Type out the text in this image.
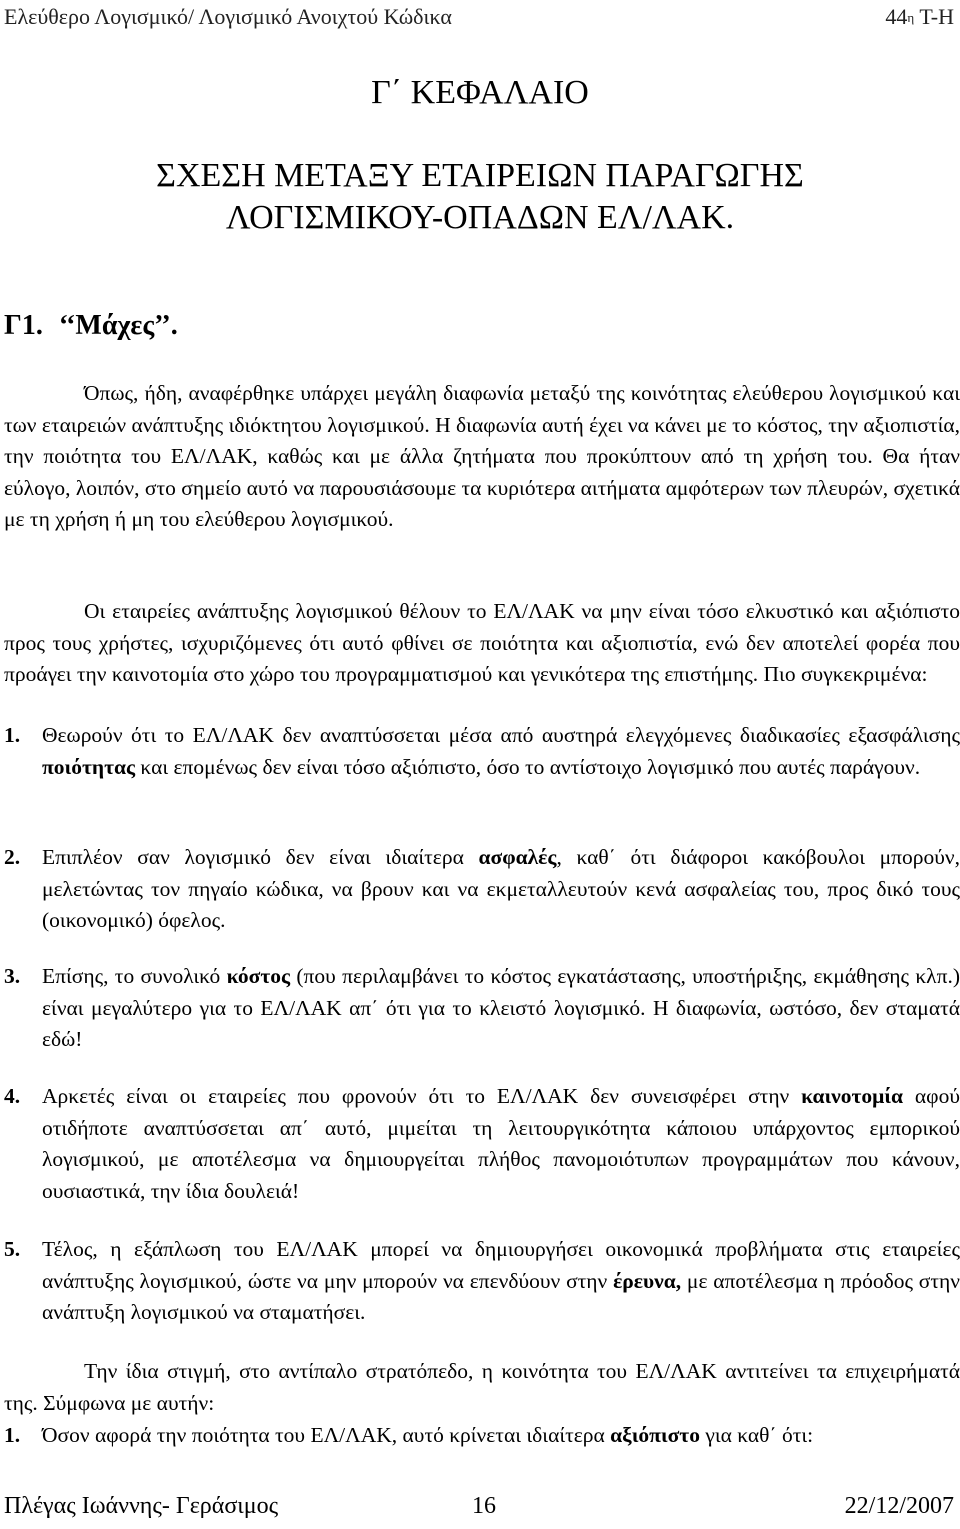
Ελεύθερο Λογισμικό/ Λογισμικό Ανοιχτού Κώδικα	$44^\eta$ Τ-Η
Γ΄ ΚΕΦΑΛΑΙΟ
ΣΧΕΣΗ ΜΕΤΑΞΥ ΕΤΑΙΡΕΙΩΝ ΠΑΡΑΓΩΓΗΣ
ΛΟΓΙΣΜΙΚΟΥ-ΟΠΑΔΩΝ ΕΛ/ΛΑΚ.
Γ1. ‘‘Μάχες’’.

Όπως, ήδη, αναφέρθηκε υπάρχει μεγάλη διαφωνία μεταξύ της κοινότητας ελεύθερου λογισμικού και των εταιρειών ανάπτυξης ιδιόκτητου λογισμικού. Η διαφωνία αυτή έχει να κάνει με το κόστος, την αξιοπιστία, την ποιότητα του ΕΛ/ΛΑΚ, καθώς και με άλλα ζητήματα που προκύπτουν από τη χρήση του. Θα ήταν εύλογο, λοιπόν, στο σημείο αυτό να παρουσιάσουμε τα κυριότερα αιτήματα αμφότερων των πλευρών, σχετικά με τη χρήση ή μη του ελεύθερου λογισμικού.

Οι εταιρείες ανάπτυξης λογισμικού θέλουν το ΕΛ/ΛΑΚ να μην είναι τόσο ελκυστικό και αξιόπιστο προς τους χρήστες, ισχυριζόμενες ότι αυτό φθίνει σε ποιότητα και αξιοπιστία, ενώ δεν αποτελεί φορέα που προάγει την καινοτομία στο χώρο του προγραμματισμού και γενικότερα της επιστήμης. Πιο συγκεκριμένα:

1. Θεωρούν ότι το ΕΛ/ΛΑΚ δεν αναπτύσσεται μέσα από αυστηρά ελεγχόμενες διαδικασίες εξασφάλισης ποιότητας και επομένως δεν είναι τόσο αξιόπιστο, όσο το αντίστοιχο λογισμικό που αυτές παράγουν.

2. Επιπλέον σαν λογισμικό δεν είναι ιδιαίτερα ασφαλές, καθ΄ ότι διάφοροι κακόβουλοι μπορούν, μελετώντας τον πηγαίο κώδικα, να βρουν και να εκμεταλλευτούν κενά ασφαλείας του, προς δικό τους (οικονομικό) όφελος.

3. Επίσης, το συνολικό κόστος (που περιλαμβάνει το κόστος εγκατάστασης, υποστήριξης, εκμάθησης κλπ.) είναι μεγαλύτερο για το ΕΛ/ΛΑΚ απ΄ ότι για το κλειστό λογισμικό. Η διαφωνία, ωστόσο, δεν σταματά εδώ!

4. Αρκετές είναι οι εταιρείες που φρονούν ότι το ΕΛ/ΛΑΚ δεν συνεισφέρει στην καινοτομία αφού οτιδήποτε αναπτύσσεται απ΄ αυτό, μιμείται τη λειτουργικότητα κάποιου υπάρχοντος εμπορικού λογισμικού, με αποτέλεσμα να δημιουργείται πλήθος πανομοιότυπων προγραμμάτων που κάνουν, ουσιαστικά, την ίδια δουλειά!

5. Τέλος, η εξάπλωση του ΕΛ/ΛΑΚ μπορεί να δημιουργήσει οικονομικά προβλήματα στις εταιρείες ανάπτυξης λογισμικού, ώστε να μην μπορούν να επενδύουν στην έρευνα, με αποτέλεσμα η πρόοδος στην ανάπτυξη λογισμικού να σταματήσει.

Την ίδια στιγμή, στο αντίπαλο στρατόπεδο, η κοινότητα του ΕΛ/ΛΑΚ αντιτείνει τα επιχειρήματά της. Σύμφωνα με αυτήν:

1. Όσον αφορά την ποιότητα του ΕΛ/ΛΑΚ, αυτό κρίνεται ιδιαίτερα αξιόπιστο για καθ΄ ότι:

Πλέγας Ιωάννης- Γεράσιμος	16	22/12/2007
